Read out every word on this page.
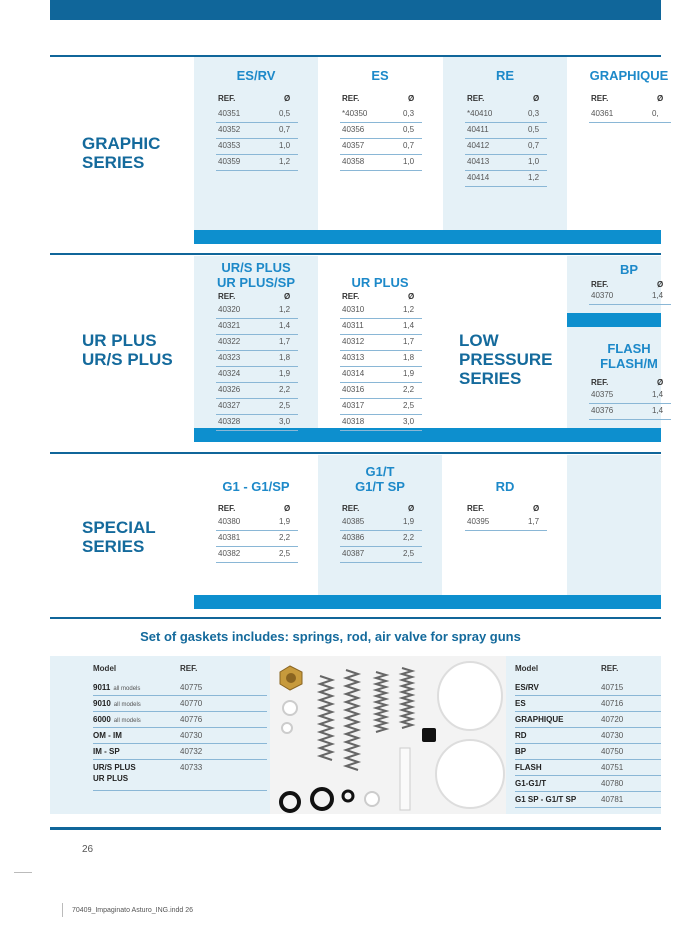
GRAPHIC
SERIES
ES/RV
REF.	Ø
40351	0,5
40352	0,7
40353	1,0
40359	1,2
ES
REF.	Ø
*40350	0,3
40356	0,5
40357	0,7
40358	1,0
RE
REF.	Ø
*40410	0,3
40411	0,5
40412	0,7
40413	1,0
40414	1,2
GRAPHIQUE
REF.	Ø
40361	0,
UR PLUS
UR/S PLUS
LOW
PRESSURE
SERIES
UR/S PLUS
UR PLUS/SP
REF.	Ø
40320	1,2
40321	1,4
40322	1,7
40323	1,8
40324	1,9
40326	2,2
40327	2,5
40328	3,0
UR PLUS
REF.	Ø
40310	1,2
40311	1,4
40312	1,7
40313	1,8
40314	1,9
40316	2,2
40317	2,5
40318	3,0
BP
REF.	Ø
40370	1,4
FLASH
FLASH/M
REF.	Ø
40375	1,4
40376	1,4
SPECIAL
SERIES
G1 - G1/SP
REF.	Ø
40380	1,9
40381	2,2
40382	2,5
G1/T
G1/T SP
REF.	Ø
40385	1,9
40386	2,2
40387	2,5
RD
REF.	Ø
40395	1,7
Set of gaskets includes: springs, rod, air valve for spray guns
Model	REF.
9011 all models	40775
9010 all models	40770
6000 all models	40776
OM - IM	40730
IM - SP	40732
UR/S PLUS
UR PLUS
40733
Model	REF.
ES/RV	40715
ES	40716
GRAPHIQUE	40720
RD	40730
BP	40750
FLASH	40751
G1-G1/T	40780
G1 SP - G1/T SP	40781
26
70409_Impaginato Asturo_ING.indd 26
